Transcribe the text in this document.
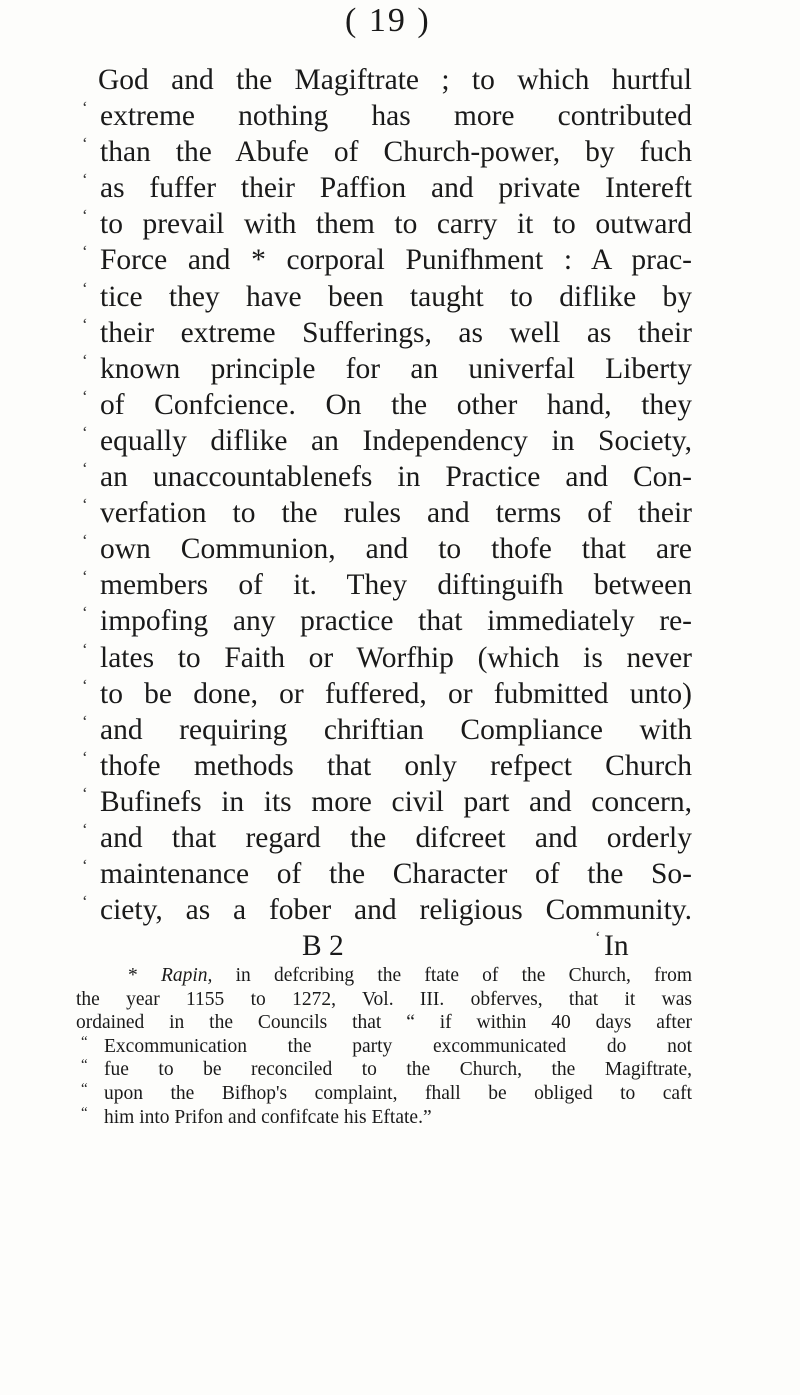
( 19 )
God and the Magiftrate ; to which hurtful
‘ extreme nothing has more contributed
‘ than the Abufe of Church-power, by fuch
‘ as fuffer their Paffion and private Intereft
‘ to prevail with them to carry it to outward
‘ Force and * corporal Punifhment : A prac-
‘ tice they have been taught to diflike by
‘ their extreme Sufferings, as well as their
‘ known principle for an univerfal Liberty
‘ of Confcience. On the other hand, they
‘ equally diflike an Independency in Society,
‘ an unaccountablenefs in Practice and Con-
‘ verfation to the rules and terms of their
‘ own Communion, and to thofe that are
‘ members of it. They diftinguifh between
‘ impofing any practice that immediately re-
‘ lates to Faith or Worfhip (which is never
‘ to be done, or fuffered, or fubmitted unto)
‘ and requiring chriftian Compliance with
‘ thofe methods that only refpect Church
‘ Bufinefs in its more civil part and concern,
‘ and that regard the difcreet and orderly
‘ maintenance of the Character of the So-
‘ ciety, as a fober and religious Community.
B 2	‘ In
* Rapin, in defcribing the ftate of the Church, from
the year 1155 to 1272, Vol. III. obferves, that it was
ordained in the Councils that “ if within 40 days after
“ Excommunication the party excommunicated do not
“ fue to be reconciled to the Church, the Magiftrate,
“ upon the Bifhop's complaint, fhall be obliged to caft
“ him into Prifon and confifcate his Eftate.”
